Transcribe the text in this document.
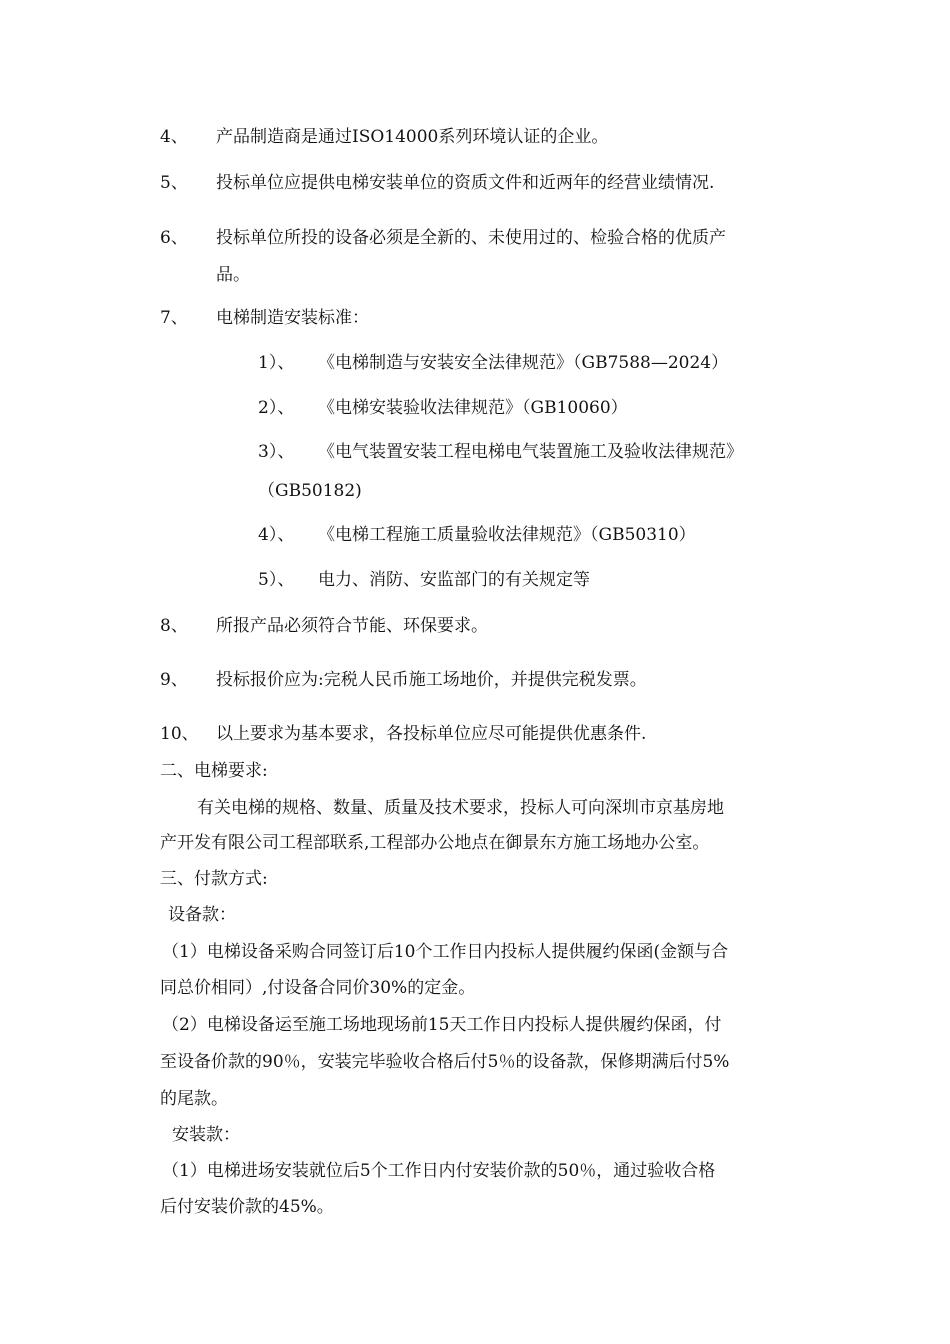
4、 产品制造商是通过ISO14000系列环境认证的企业。
5、 投标单位应提供电梯安装单位的资质文件和近两年的经营业绩情况.
6、 投标单位所投的设备必须是全新的、未使用过的、检验合格的优质产
品。
7、 电梯制造安装标准：
1）、 《电梯制造与安装安全法律规范》（GB7588—2024）
2）、 《电梯安装验收法律规范》（GB10060）
3）、 《电气装置安装工程电梯电气装置施工及验收法律规范》
（GB50182)
4）、 《电梯工程施工质量验收法律规范》（GB50310）
5）、 电力、消防、安监部门的有关规定等
8、 所报产品必须符合节能、环保要求。
9、 投标报价应为:完税人民币施工场地价，并提供完税发票。
10、 以上要求为基本要求，各投标单位应尽可能提供优惠条件.
二、电梯要求:
有关电梯的规格、数量、质量及技术要求，投标人可向深圳市京基房地
产开发有限公司工程部联系,工程部办公地点在御景东方施工场地办公室。
三、付款方式:
设备款：
（1）电梯设备采购合同签订后10个工作日内投标人提供履约保函(金额与合
同总价相同）,付设备合同价30%的定金。
（2）电梯设备运至施工场地现场前15天工作日内投标人提供履约保函，付
至设备价款的90％，安装完毕验收合格后付5％的设备款，保修期满后付5%
的尾款。
安装款：
（1）电梯进场安装就位后5个工作日内付安装价款的50％，通过验收合格
后付安装价款的45%。
